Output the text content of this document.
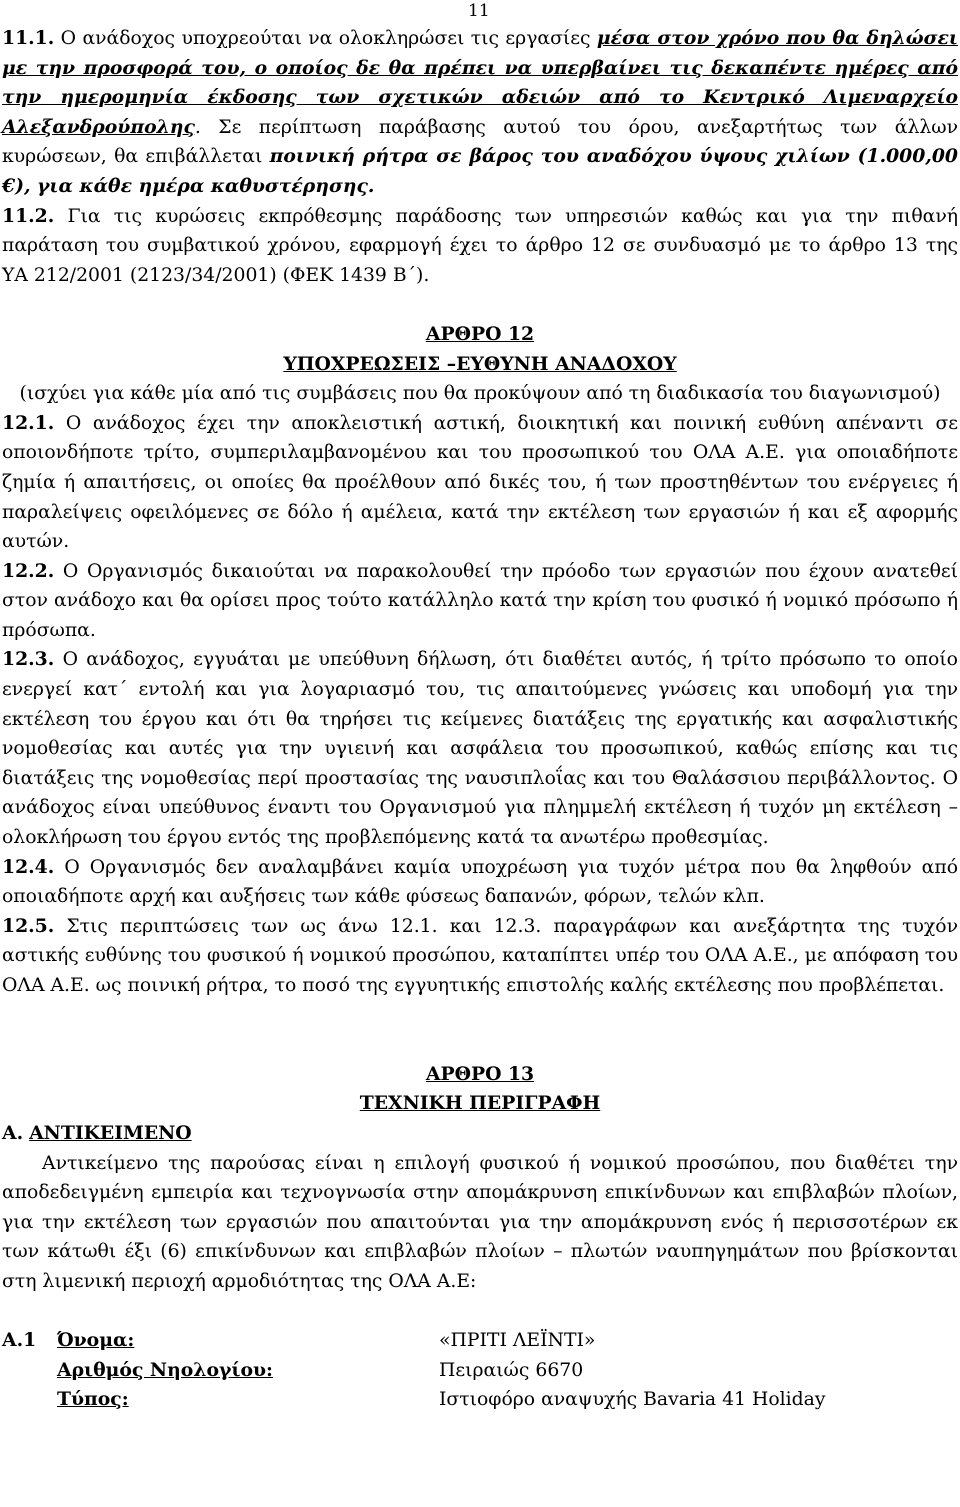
11

11.1. Ο ανάδοχος υποχρεούται να ολοκληρώσει τις εργασίες μέσα στον χρόνο που θα δηλώσει με την προσφορά του, ο οποίος δε θα πρέπει να υπερβαίνει τις δεκαπέντε ημέρες από την ημερομηνία έκδοσης των σχετικών αδειών από το Κεντρικό Λιμεναρχείο Αλεξανδρούπολης. Σε περίπτωση παράβασης αυτού του όρου, ανεξαρτήτως των άλλων κυρώσεων, θα επιβάλλεται ποινική ρήτρα σε βάρος του αναδόχου ύψους χιλίων (1.000,00 €), για κάθε ημέρα καθυστέρησης.

11.2. Για τις κυρώσεις εκπρόθεσμης παράδοσης των υπηρεσιών καθώς και για την πιθανή παράταση του συμβατικού χρόνου, εφαρμογή έχει το άρθρο 12 σε συνδυασμό με το άρθρο 13 της ΥΑ 212/2001 (2123/34/2001) (ΦΕΚ 1439 Β΄).

ΑΡΘΡΟ 12

ΥΠΟΧΡΕΩΣΕΙΣ –ΕΥΘΥΝΗ ΑΝΑΔΟΧΟΥ

(ισχύει για κάθε μία από τις συμβάσεις που θα προκύψουν από τη διαδικασία του διαγωνισμού)

12.1. Ο ανάδοχος έχει την αποκλειστική αστική, διοικητική και ποινική ευθύνη απέναντι σε οποιονδήποτε τρίτο, συμπεριλαμβανομένου και του προσωπικού του ΟΛΑ Α.Ε. για οποιαδήποτε ζημία ή απαιτήσεις, οι οποίες θα προέλθουν από δικές του, ή των προστηθέντων του ενέργειες ή παραλείψεις οφειλόμενες σε δόλο ή αμέλεια, κατά την εκτέλεση των εργασιών ή και εξ αφορμής αυτών.

12.2. Ο Οργανισμός δικαιούται να παρακολουθεί την πρόοδο των εργασιών που έχουν ανατεθεί στον ανάδοχο και θα ορίσει προς τούτο κατάλληλο κατά την κρίση του φυσικό ή νομικό πρόσωπο ή πρόσωπα.

12.3. Ο ανάδοχος, εγγυάται με υπεύθυνη δήλωση, ότι διαθέτει αυτός, ή τρίτο πρόσωπο το οποίο ενεργεί κατ΄ εντολή και για λογαριασμό του, τις απαιτούμενες γνώσεις και υποδομή για την εκτέλεση του έργου και ότι θα τηρήσει τις κείμενες διατάξεις της εργατικής και ασφαλιστικής νομοθεσίας και αυτές για την υγιεινή και ασφάλεια του προσωπικού, καθώς επίσης και τις διατάξεις της νομοθεσίας περί προστασίας της ναυσιπλοΐας και του Θαλάσσιου περιβάλλοντος. Ο ανάδοχος είναι υπεύθυνος έναντι του Οργανισμού για πλημμελή εκτέλεση ή τυχόν μη εκτέλεση – ολοκλήρωση του έργου εντός της προβλεπόμενης κατά τα ανωτέρω προθεσμίας.

12.4. Ο Οργανισμός δεν αναλαμβάνει καμία υποχρέωση για τυχόν μέτρα που θα ληφθούν από οποιαδήποτε αρχή και αυξήσεις των κάθε φύσεως δαπανών, φόρων, τελών κλπ.

12.5. Στις περιπτώσεις των ως άνω 12.1. και 12.3. παραγράφων και ανεξάρτητα της τυχόν αστικής ευθύνης του φυσικού ή νομικού προσώπου, καταπίπτει υπέρ του ΟΛΑ Α.Ε., με απόφαση του ΟΛΑ Α.Ε. ως ποινική ρήτρα, το ποσό της εγγυητικής επιστολής καλής εκτέλεσης που προβλέπεται.

ΑΡΘΡΟ 13

ΤΕΧΝΙΚΗ ΠΕΡΙΓΡΑΦΗ

Α. ΑΝΤΙΚΕΙΜΕΝΟ

Αντικείμενο της παρούσας είναι η επιλογή φυσικού ή νομικού προσώπου, που διαθέτει την αποδεδειγμένη εμπειρία και τεχνογνωσία στην απομάκρυνση επικίνδυνων και επιβλαβών πλοίων, για την εκτέλεση των εργασιών που απαιτούνται για την απομάκρυνση ενός ή περισσοτέρων εκ των κάτωθι έξι (6) επικίνδυνων και επιβλαβών πλοίων – πλωτών ναυπηγημάτων που βρίσκονται στη λιμενική περιοχή αρμοδιότητας της ΟΛΑ Α.Ε:

Α.1	Όνομα:	«ΠΡΙΤΙ ΛΕΪΝΤΙ»
Αριθμός Νηολογίου:	Πειραιώς 6670
Τύπος:	Ιστιοφόρο αναψυχής Bavaria 41 Holiday
